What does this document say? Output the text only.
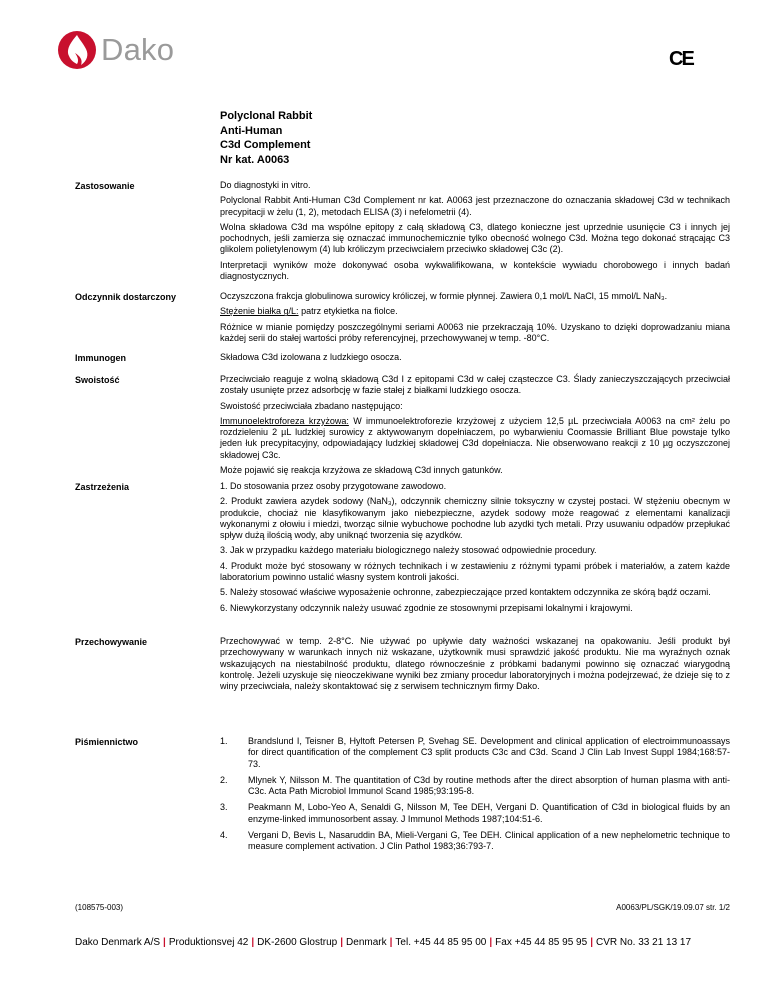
Dako	CE
Polyclonal Rabbit
Anti-Human
C3d Complement
Nr kat. A0063
Zastosowanie	Do diagnostyki in vitro.

Polyclonal Rabbit Anti-Human C3d Complement nr kat. A0063 jest przeznaczone do oznaczania składowej C3d w technikach precypitacji w żelu (1, 2), metodach ELISA (3) i nefelometrii (4).

Wolna składowa C3d ma wspólne epitopy z całą składową C3, dlatego konieczne jest uprzednie usunięcie C3 i innych jej pochodnych, jeśli zamierza się oznaczać immunochemicznie tylko obecność wolnego C3d. Można tego dokonać strącając C3 glikolem polietylenowym (4) lub króliczym przeciwciałem przeciwko składowej C3c (2).

Interpretacji wyników może dokonywać osoba wykwalifikowana, w kontekście wywiadu chorobowego i innych badań diagnostycznych.

Odczynnik dostarczony	Oczyszczona frakcja globulinowa surowicy króliczej, w formie płynnej. Zawiera 0,1 mol/L NaCl, 15 mmol/L NaN₃.

Stężenie białka g/L: patrz etykietka na fiolce.

Różnice w mianie pomiędzy poszczególnymi seriami A0063 nie przekraczają 10%. Uzyskano to dzięki doprowadzaniu miana każdej serii do stałej wartości próby referencyjnej, przechowywanej w temp. -80°C.

Immunogen	Składowa C3d izolowana z ludzkiego osocza.

Swoistość	Przeciwciało reaguje z wolną składową C3d I z epitopami C3d w całej cząsteczce C3. Ślady zanieczyszczających przeciwciał zostały usunięte przez adsorbcję w fazie stałej z białkami ludzkiego osocza.

Swoistość przeciwciała zbadano następująco:

Immunoelektroforeza krzyżowa: W immunoelektroforezie krzyżowej z użyciem 12,5 µL przeciwciała A0063 na cm² żelu po rozdzieleniu 2 µL ludzkiej surowicy z aktywowanym dopełniaczem, po wybarwieniu Coomassie Brilliant Blue powstaje tylko jeden łuk precypitacyjny, odpowiadający ludzkiej składowej C3d dopełniacza. Nie obserwowano reakcji z 10 µg oczyszczonej składowej C3c.

Może pojawić się reakcja krzyżowa ze składową C3d innych gatunków.

Zastrzeżenia	1. Do stosowania przez osoby przygotowane zawodowo.

2. Produkt zawiera azydek sodowy (NaN₃), odczynnik chemiczny silnie toksyczny w czystej postaci. W stężeniu obecnym w produkcie, chociaż nie klasyfikowanym jako niebezpieczne, azydek sodowy może reagować z elementami kanalizacji wykonanymi z ołowiu i miedzi, tworząc silnie wybuchowe pochodne lub azydki tych metali. Przy usuwaniu odpadów przepłukać spływ dużą ilością wody, aby uniknąć tworzenia się azydków.

3. Jak w przypadku każdego materiału biologicznego należy stosować odpowiednie procedury.

4. Produkt może być stosowany w różnych technikach i w zestawieniu z różnymi typami próbek i materiałów, a zatem każde laboratorium powinno ustalić własny system kontroli jakości.

5. Należy stosować właściwe wyposażenie ochronne, zabezpieczające przed kontaktem odczynnika ze skórą bądź oczami.

6. Niewykorzystany odczynnik należy usuwać zgodnie ze stosownymi przepisami lokalnymi i krajowymi.

Przechowywanie	Przechowywać w temp. 2-8°C. Nie używać po upływie daty ważności wskazanej na opakowaniu. Jeśli produkt był przechowywany w warunkach innych niż wskazane, użytkownik musi sprawdzić jakość produktu. Nie ma wyraźnych oznak wskazujących na niestabilność produktu, dlatego równocześnie z próbkami badanymi powinno się oznaczać wiarygodną kontrolę. Jeżeli uzyskuje się nieoczekiwane wyniki bez zmiany procedur laboratoryjnych i można podejrzewać, że dzieje się to z winy przeciwciała, należy skontaktować się z serwisem technicznym firmy Dako.

Piśmiennictwo	1.	Brandslund I, Teisner B, Hyltoft Petersen P, Svehag SE. Development and clinical application of electroimmunoassays for direct quantification of the complement C3 split products C3c and C3d. Scand J Clin Lab Invest Suppl 1984;168:57-73.
2.	Mlynek Y, Nilsson M. The quantitation of C3d by routine methods after the direct absorption of human plasma with anti-C3c. Acta Path Microbiol Immunol Scand 1985;93:195-8.
3.	Peakmann M, Lobo-Yeo A, Senaldi G, Nilsson M, Tee DEH, Vergani D. Quantification of C3d in biological fluids by an enzyme-linked immunosorbent assay. J Immunol Methods 1987;104:51-6.
4.	Vergani D, Bevis L, Nasaruddin BA, Mieli-Vergani G, Tee DEH. Clinical application of a new nephelometric technique to measure complement activation. J Clin Pathol 1983;36:793-7.
(108575-003)	A0063/PL/SGK/19.09.07 str. 1/2
Dako Denmark A/S | Produktionsvej 42 | DK-2600 Glostrup | Denmark | Tel. +45 44 85 95 00 | Fax +45 44 85 95 95 | CVR No. 33 21 13 17
